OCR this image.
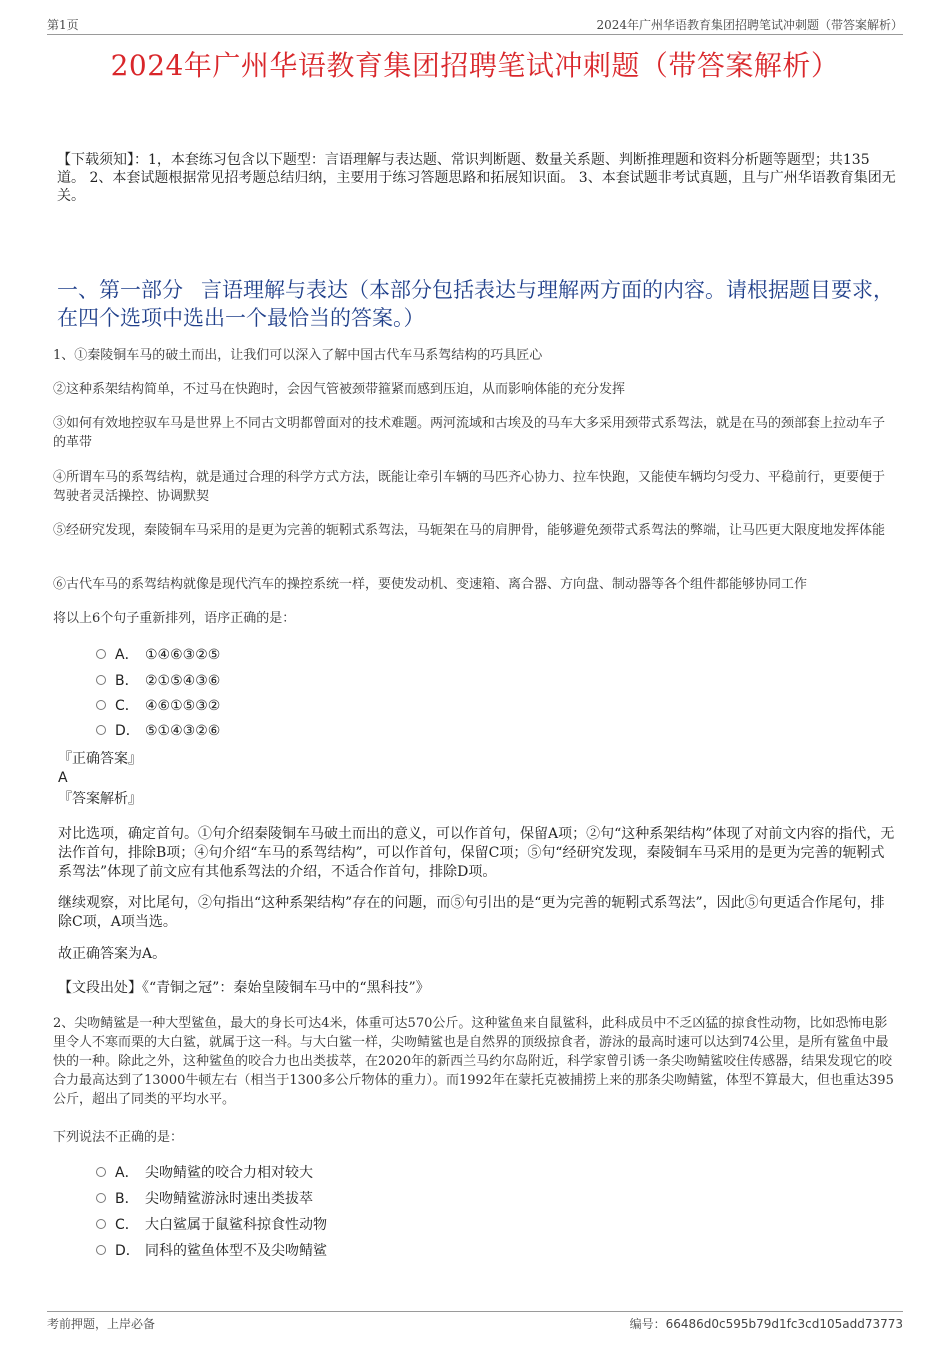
第1页	2024年广州华语教育集团招聘笔试冲刺题（带答案解析）
2024年广州华语教育集团招聘笔试冲刺题（带答案解析）
【下载须知】：1，本套练习包含以下题型：言语理解与表达题、常识判断题、数量关系题、判断推理题和资料分析题等题型；共135道。 2、本套试题根据常见招考题总结归纳，主要用于练习答题思路和拓展知识面。 3、本套试题非考试真题，且与广州华语教育集团无关。
一、第一部分 言语理解与表达（本部分包括表达与理解两方面的内容。请根据题目要求，在四个选项中选出一个最恰当的答案。）
1、①秦陵铜车马的破土而出，让我们可以深入了解中国古代车马系驾结构的巧具匠心
②这种系架结构简单，不过马在快跑时，会因气管被颈带箍紧而感到压迫，从而影响体能的充分发挥
③如何有效地控驭车马是世界上不同古文明都曾面对的技术难题。两河流域和古埃及的马车大多采用颈带式系驾法，就是在马的颈部套上拉动车子的革带
④所谓车马的系驾结构，就是通过合理的科学方式方法，既能让牵引车辆的马匹齐心协力、拉车快跑，又能使车辆均匀受力、平稳前行，更要便于驾驶者灵活操控、协调默契
⑤经研究发现，秦陵铜车马采用的是更为完善的轭靷式系驾法，马轭架在马的肩胛骨，能够避免颈带式系驾法的弊端，让马匹更大限度地发挥体能
⑥古代车马的系驾结构就像是现代汽车的操控系统一样，要使发动机、变速箱、离合器、方向盘、制动器等各个组件都能够协同工作
将以上6个句子重新排列，语序正确的是：
A． ①④⑥③②⑤
B． ②①⑤④③⑥
C． ④⑥①⑤③②
D． ⑤①④③②⑥
『正确答案』
A
『答案解析』
对比选项，确定首句。①句介绍秦陵铜车马破土而出的意义，可以作首句，保留A项；②句“这种系架结构”体现了对前文内容的指代，无法作首句，排除B项；④句介绍“车马的系驾结构”，可以作首句，保留C项；⑤句“经研究发现，秦陵铜车马采用的是更为完善的轭靷式系驾法”体现了前文应有其他系驾法的介绍，不适合作首句，排除D项。
继续观察，对比尾句，②句指出“这种系架结构”存在的问题，而⑤句引出的是“更为完善的轭靷式系驾法”，因此⑤句更适合作尾句，排除C项，A项当选。
故正确答案为A。
【文段出处】《“青铜之冠”：秦始皇陵铜车马中的“黑科技”》
2、尖吻鲭鲨是一种大型鲨鱼，最大的身长可达4米，体重可达570公斤。这种鲨鱼来自鼠鲨科，此科成员中不乏凶猛的掠食性动物，比如恐怖电影里令人不寒而栗的大白鲨，就属于这一科。与大白鲨一样，尖吻鲭鲨也是自然界的顶级掠食者，游泳的最高时速可以达到74公里，是所有鲨鱼中最快的一种。除此之外，这种鲨鱼的咬合力也出类拔萃，在2020年的新西兰马约尔岛附近，科学家曾引诱一条尖吻鲭鲨咬住传感器，结果发现它的咬合力最高达到了13000牛顿左右（相当于1300多公斤物体的重力）。而1992年在蒙托克被捕捞上来的那条尖吻鲭鲨，体型不算最大，但也重达395公斤，超出了同类的平均水平。
下列说法不正确的是：
A． 尖吻鲭鲨的咬合力相对较大
B． 尖吻鲭鲨游泳时速出类拔萃
C． 大白鲨属于鼠鲨科掠食性动物
D． 同科的鲨鱼体型不及尖吻鲭鲨
考前押题，上岸必备	编号：66486d0c595b79d1fc3cd105add73773
